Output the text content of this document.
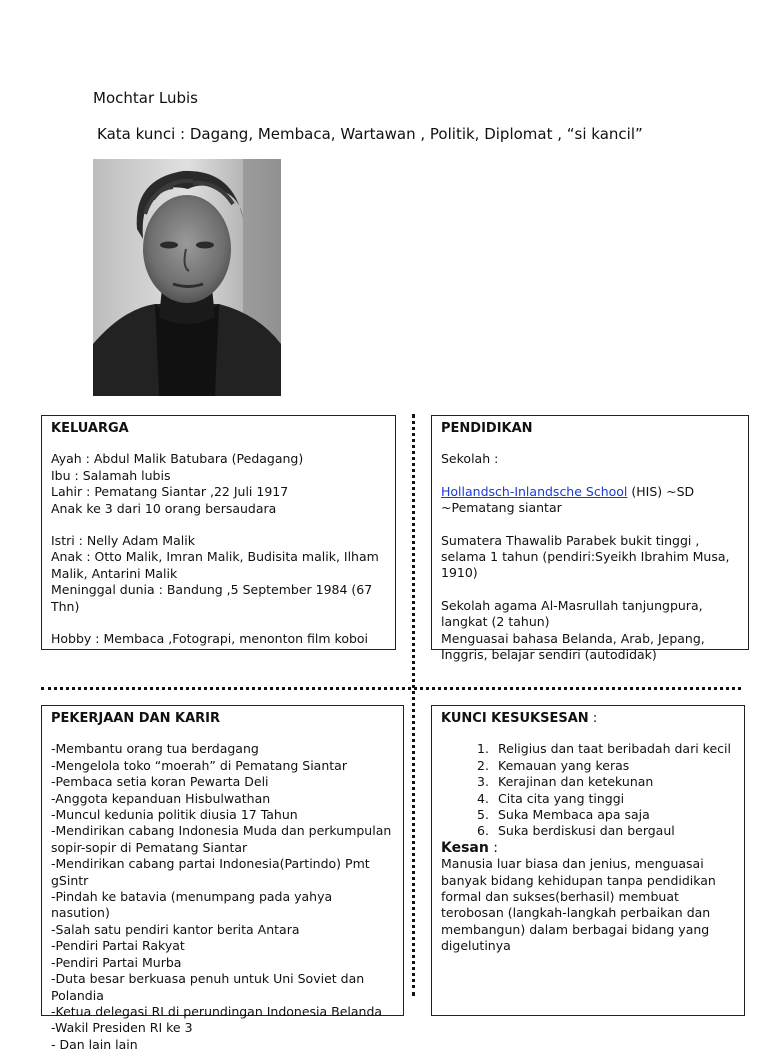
Mochtar Lubis
Kata kunci : Dagang, Membaca, Wartawan , Politik, Diplomat , “si kancil”
KELUARGA

Ayah : Abdul Malik Batubara (Pedagang)

Ibu : Salamah lubis

Lahir : Pematang Siantar ,22 Juli 1917

Anak ke 3 dari 10 orang bersaudara

Istri : Nelly Adam Malik

Anak : Otto Malik, Imran Malik, Budisita malik, Ilham Malik, Antarini Malik

Meninggal dunia : Bandung ,5 September 1984 (67 Thn)

Hobby : Membaca ,Fotograpi, menonton film koboi

PENDIDIKAN

Sekolah :

Hollandsch-Inlandsche School (HIS) ~SD ~Pematang siantar

Sumatera Thawalib Parabek bukit tinggi , selama 1 tahun (pendiri:Syeikh Ibrahim Musa, 1910)

Sekolah agama Al-Masrullah tanjungpura, langkat (2 tahun)

Menguasai bahasa Belanda, Arab, Jepang, Inggris, belajar sendiri (autodidak)

PEKERJAAN DAN KARIR

-Membantu orang tua berdagang

-Mengelola toko “moerah” di Pematang Siantar

-Pembaca setia koran Pewarta Deli

-Anggota kepanduan Hisbulwathan

-Muncul kedunia politik diusia 17 Tahun

-Mendirikan cabang Indonesia Muda dan perkumpulan sopir-sopir di Pematang Siantar

-Mendirikan cabang partai Indonesia(Partindo) Pmt gSintr

-Pindah ke batavia (menumpang pada yahya nasution)

-Salah satu pendiri kantor berita Antara

-Pendiri Partai Rakyat

-Pendiri Partai Murba

-Duta besar berkuasa penuh untuk Uni Soviet dan Polandia

-Ketua delegasi RI di perundingan Indonesia Belanda

-Wakil Presiden RI ke 3

- Dan lain lain

KUNCI KESUKSESAN :
1. Religius dan taat beribadah dari kecil
2. Kemauan yang keras
3. Kerajinan dan ketekunan
4. Cita cita yang tinggi
5. Suka Membaca apa saja
6. Suka berdiskusi dan bergaul

Kesan :

Manusia luar biasa dan jenius, menguasai banyak bidang kehidupan tanpa pendidikan formal dan sukses(berhasil) membuat terobosan (langkah-langkah perbaikan dan membangun) dalam berbagai bidang yang digelutinya
